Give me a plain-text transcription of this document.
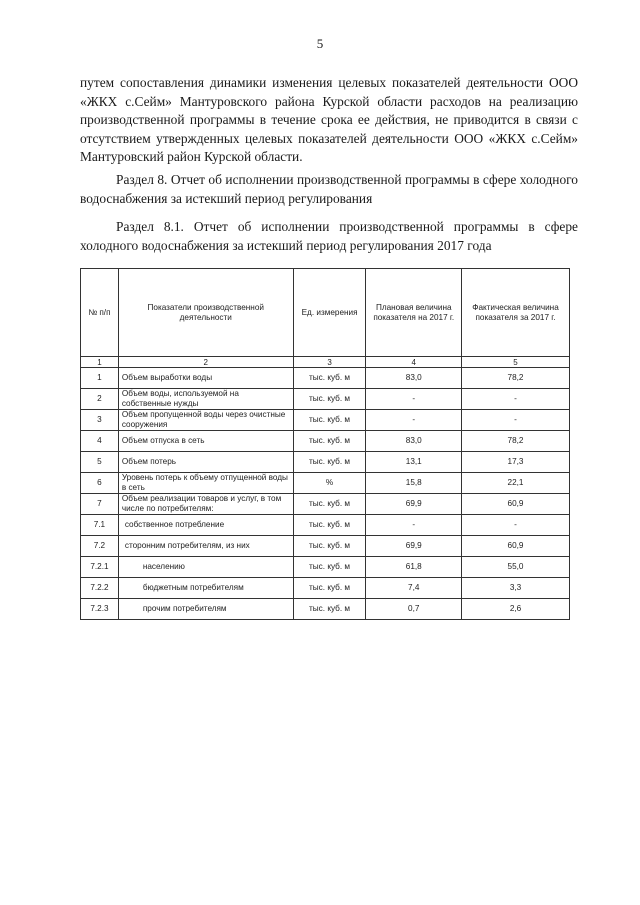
5
путем сопоставления динамики изменения целевых показателей деятельности ООО «ЖКХ с.Сейм» Мантуровского района Курской области расходов на реализацию производственной программы в течение срока ее действия, не приводится в связи с отсутствием утвержденных целевых показателей деятельности ООО «ЖКХ с.Сейм» Мантуровский район Курской области.
Раздел 8. Отчет об исполнении производственной программы в сфере холодного водоснабжения за истекший период регулирования
Раздел 8.1. Отчет об исполнении производственной программы в сфере холодного водоснабжения за истекший период регулирования 2017 года
№ п/п	Показатели производственной деятельности	Ед. измерения	Плановая величина показателя на 2017 г.	Фактическая величина показателя за 2017 г.
1	2	3	4	5
1	Объем выработки воды	тыс. куб. м	83,0	78,2
2	Объем воды, используемой на собственные нужды	тыс. куб. м	-	-
3	Объем пропущенной воды через очистные сооружения	тыс. куб. м	-	-
4	Объем отпуска в сеть	тыс. куб. м	83,0	78,2
5	Объем потерь	тыс. куб. м	13,1	17,3
6	Уровень потерь к объему отпущенной воды в сеть	%	15,8	22,1
7	Объем реализации товаров и услуг, в том числе по потребителям:	тыс. куб. м	69,9	60,9
7.1	собственное потребление	тыс. куб. м	-	-
7.2	сторонним потребителям, из них	тыс. куб. м	69,9	60,9
7.2.1	населению	тыс. куб. м	61,8	55,0
7.2.2	бюджетным потребителям	тыс. куб. м	7,4	3,3
7.2.3	прочим потребителям	тыс. куб. м	0,7	2,6
